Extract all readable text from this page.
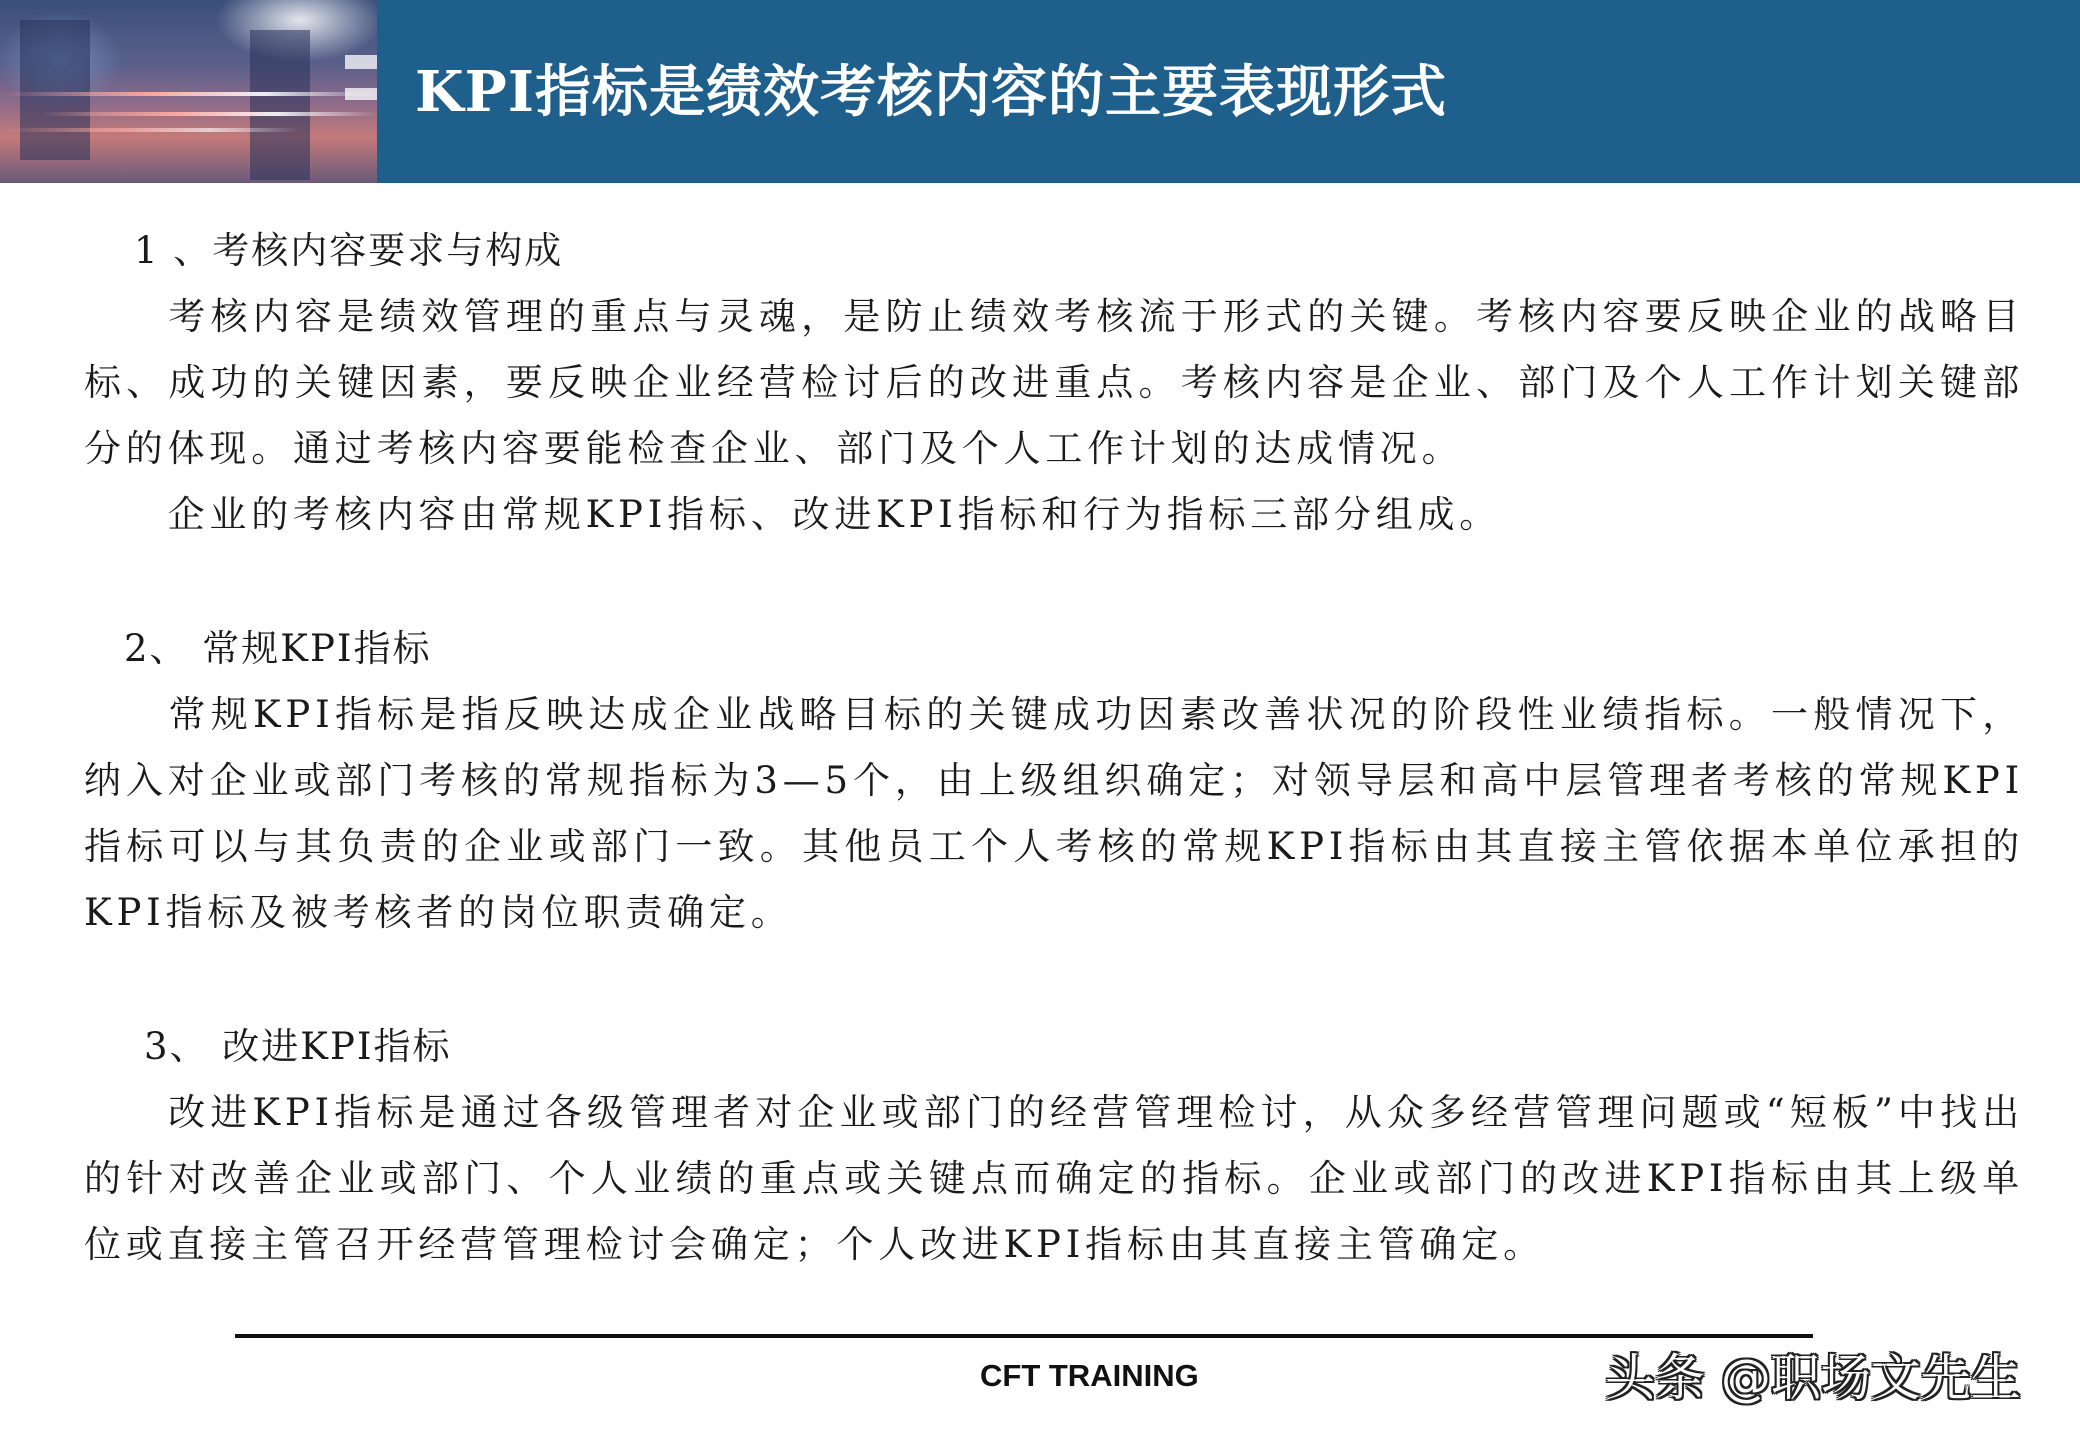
KPI指标是绩效考核内容的主要表现形式
1 、考核内容要求与构成

　　考核内容是绩效管理的重点与灵魂，是防止绩效考核流于形式的关键。考核内容要反映企业的战略目标、成功的关键因素，要反映企业经营检讨后的改进重点。考核内容是企业、部门及个人工作计划关键部分的体现。通过考核内容要能检查企业、部门及个人工作计划的达成情况。

　　企业的考核内容由常规KPI指标、改进KPI指标和行为指标三部分组成。

2、 常规KPI指标

　　常规KPI指标是指反映达成企业战略目标的关键成功因素改善状况的阶段性业绩指标。一般情况下，纳入对企业或部门考核的常规指标为3—5个，由上级组织确定；对领导层和高中层管理者考核的常规KPI指标可以与其负责的企业或部门一致。其他员工个人考核的常规KPI指标由其直接主管依据本单位承担的KPI指标及被考核者的岗位职责确定。

3、 改进KPI指标

　　改进KPI指标是通过各级管理者对企业或部门的经营管理检讨，从众多经营管理问题或“短板”中找出的针对改善企业或部门、个人业绩的重点或关键点而确定的指标。企业或部门的改进KPI指标由其上级单位或直接主管召开经营管理检讨会确定；个人改进KPI指标由其直接主管确定。

CFT TRAINING	头条 @职场文先生
